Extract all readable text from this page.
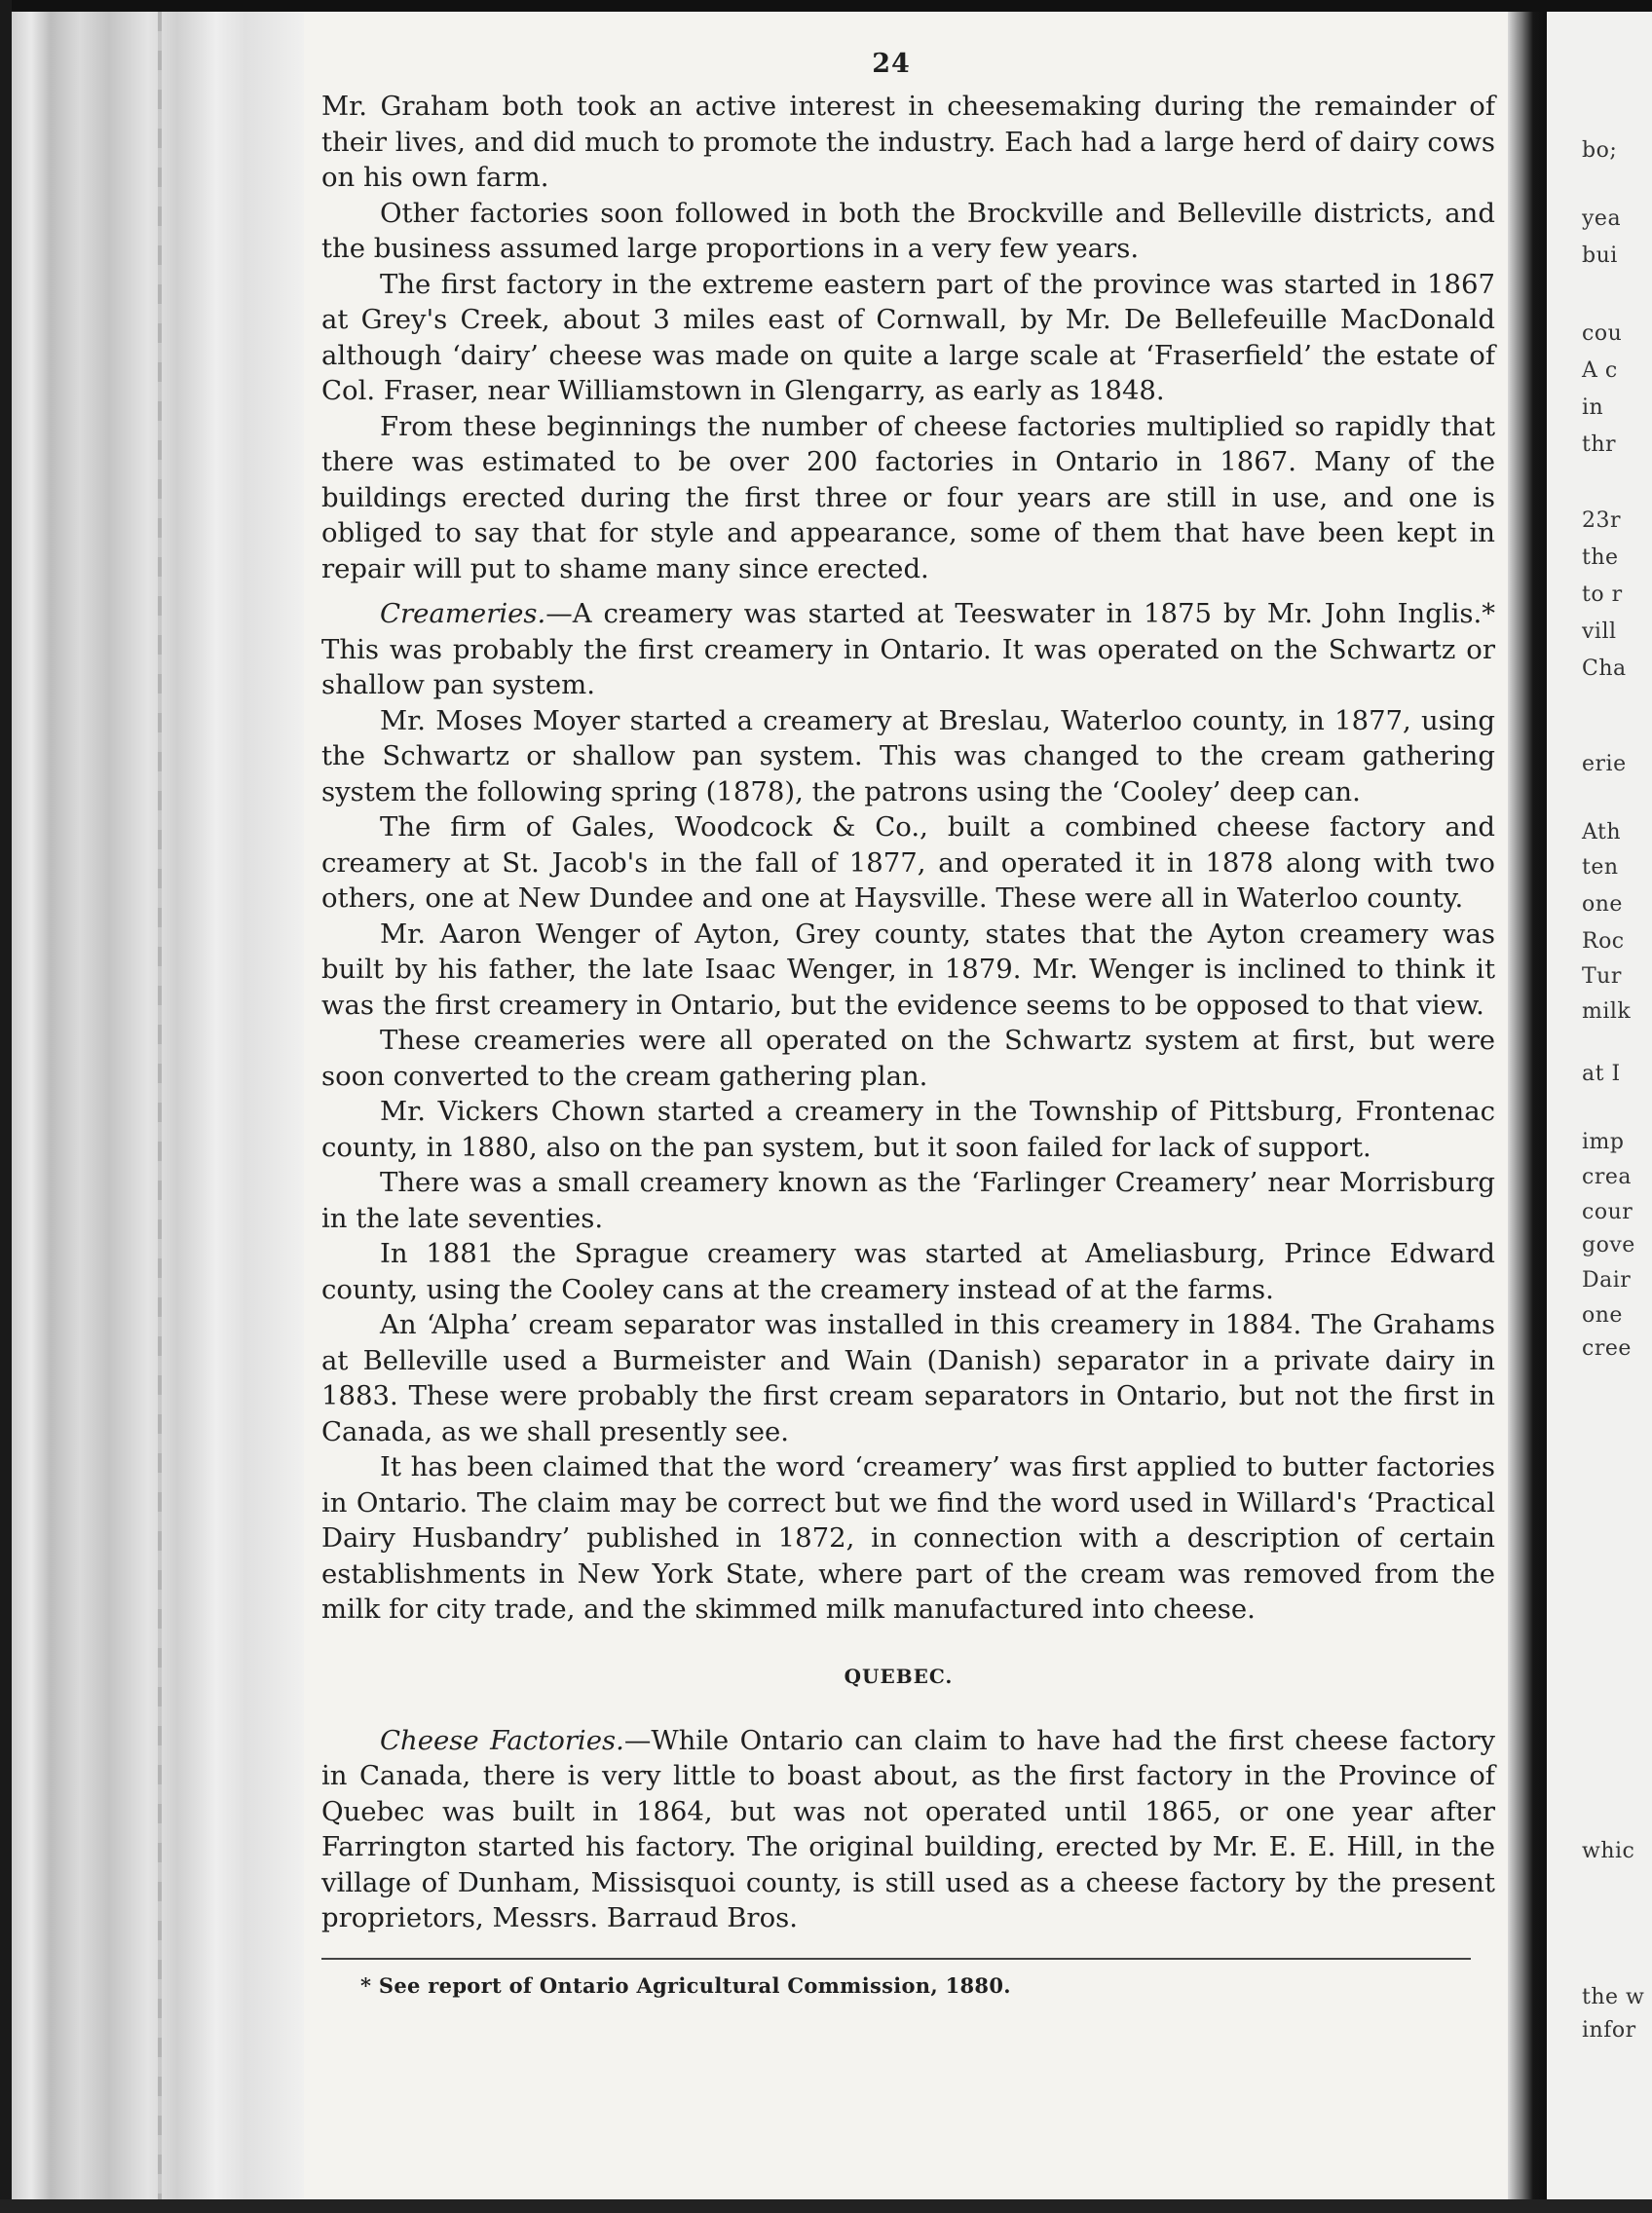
bo;
yea
bui
cou
A c
in
thr
23r
the
to r
vill
Cha
erie
Ath
ten
one
Roc
Tur
milk
at I
imp
crea
cour
gove
Dair
one
cree
whic
the w
infor
24

Mr. Graham both took an active interest in cheesemaking during the remainder of their lives, and did much to promote the industry. Each had a large herd of dairy cows on his own farm.

Other factories soon followed in both the Brockville and Belleville districts, and the business assumed large proportions in a very few years.

The first factory in the extreme eastern part of the province was started in 1867 at Grey's Creek, about 3 miles east of Cornwall, by Mr. De Bellefeuille MacDonald although ‘dairy’ cheese was made on quite a large scale at ‘Fraserfield’ the estate of Col. Fraser, near Williamstown in Glengarry, as early as 1848.

From these beginnings the number of cheese factories multiplied so rapidly that there was estimated to be over 200 factories in Ontario in 1867. Many of the buildings erected during the first three or four years are still in use, and one is obliged to say that for style and appearance, some of them that have been kept in repair will put to shame many since erected.

Creameries.—A creamery was started at Teeswater in 1875 by Mr. John Inglis.* This was probably the first creamery in Ontario. It was operated on the Schwartz or shallow pan system.

Mr. Moses Moyer started a creamery at Breslau, Waterloo county, in 1877, using the Schwartz or shallow pan system. This was changed to the cream gathering system the following spring (1878), the patrons using the ‘Cooley’ deep can.

The firm of Gales, Woodcock & Co., built a combined cheese factory and creamery at St. Jacob's in the fall of 1877, and operated it in 1878 along with two others, one at New Dundee and one at Haysville. These were all in Waterloo county.

Mr. Aaron Wenger of Ayton, Grey county, states that the Ayton creamery was built by his father, the late Isaac Wenger, in 1879. Mr. Wenger is inclined to think it was the first creamery in Ontario, but the evidence seems to be opposed to that view.

These creameries were all operated on the Schwartz system at first, but were soon converted to the cream gathering plan.

Mr. Vickers Chown started a creamery in the Township of Pittsburg, Frontenac county, in 1880, also on the pan system, but it soon failed for lack of support.

There was a small creamery known as the ‘Farlinger Creamery’ near Morrisburg in the late seventies.

In 1881 the Sprague creamery was started at Ameliasburg, Prince Edward county, using the Cooley cans at the creamery instead of at the farms.

An ‘Alpha’ cream separator was installed in this creamery in 1884. The Grahams at Belleville used a Burmeister and Wain (Danish) separator in a private dairy in 1883. These were probably the first cream separators in Ontario, but not the first in Canada, as we shall presently see.

It has been claimed that the word ‘creamery’ was first applied to butter factories in Ontario. The claim may be correct but we find the word used in Willard's ‘Practical Dairy Husbandry’ published in 1872, in connection with a description of certain establishments in New York State, where part of the cream was removed from the milk for city trade, and the skimmed milk manufactured into cheese.

QUEBEC.

Cheese Factories.—While Ontario can claim to have had the first cheese factory in Canada, there is very little to boast about, as the first factory in the Province of Quebec was built in 1864, but was not operated until 1865, or one year after Farrington started his factory. The original building, erected by Mr. E. E. Hill, in the village of Dunham, Missisquoi county, is still used as a cheese factory by the present proprietors, Messrs. Barraud Bros.

* See report of Ontario Agricultural Commission, 1880.
